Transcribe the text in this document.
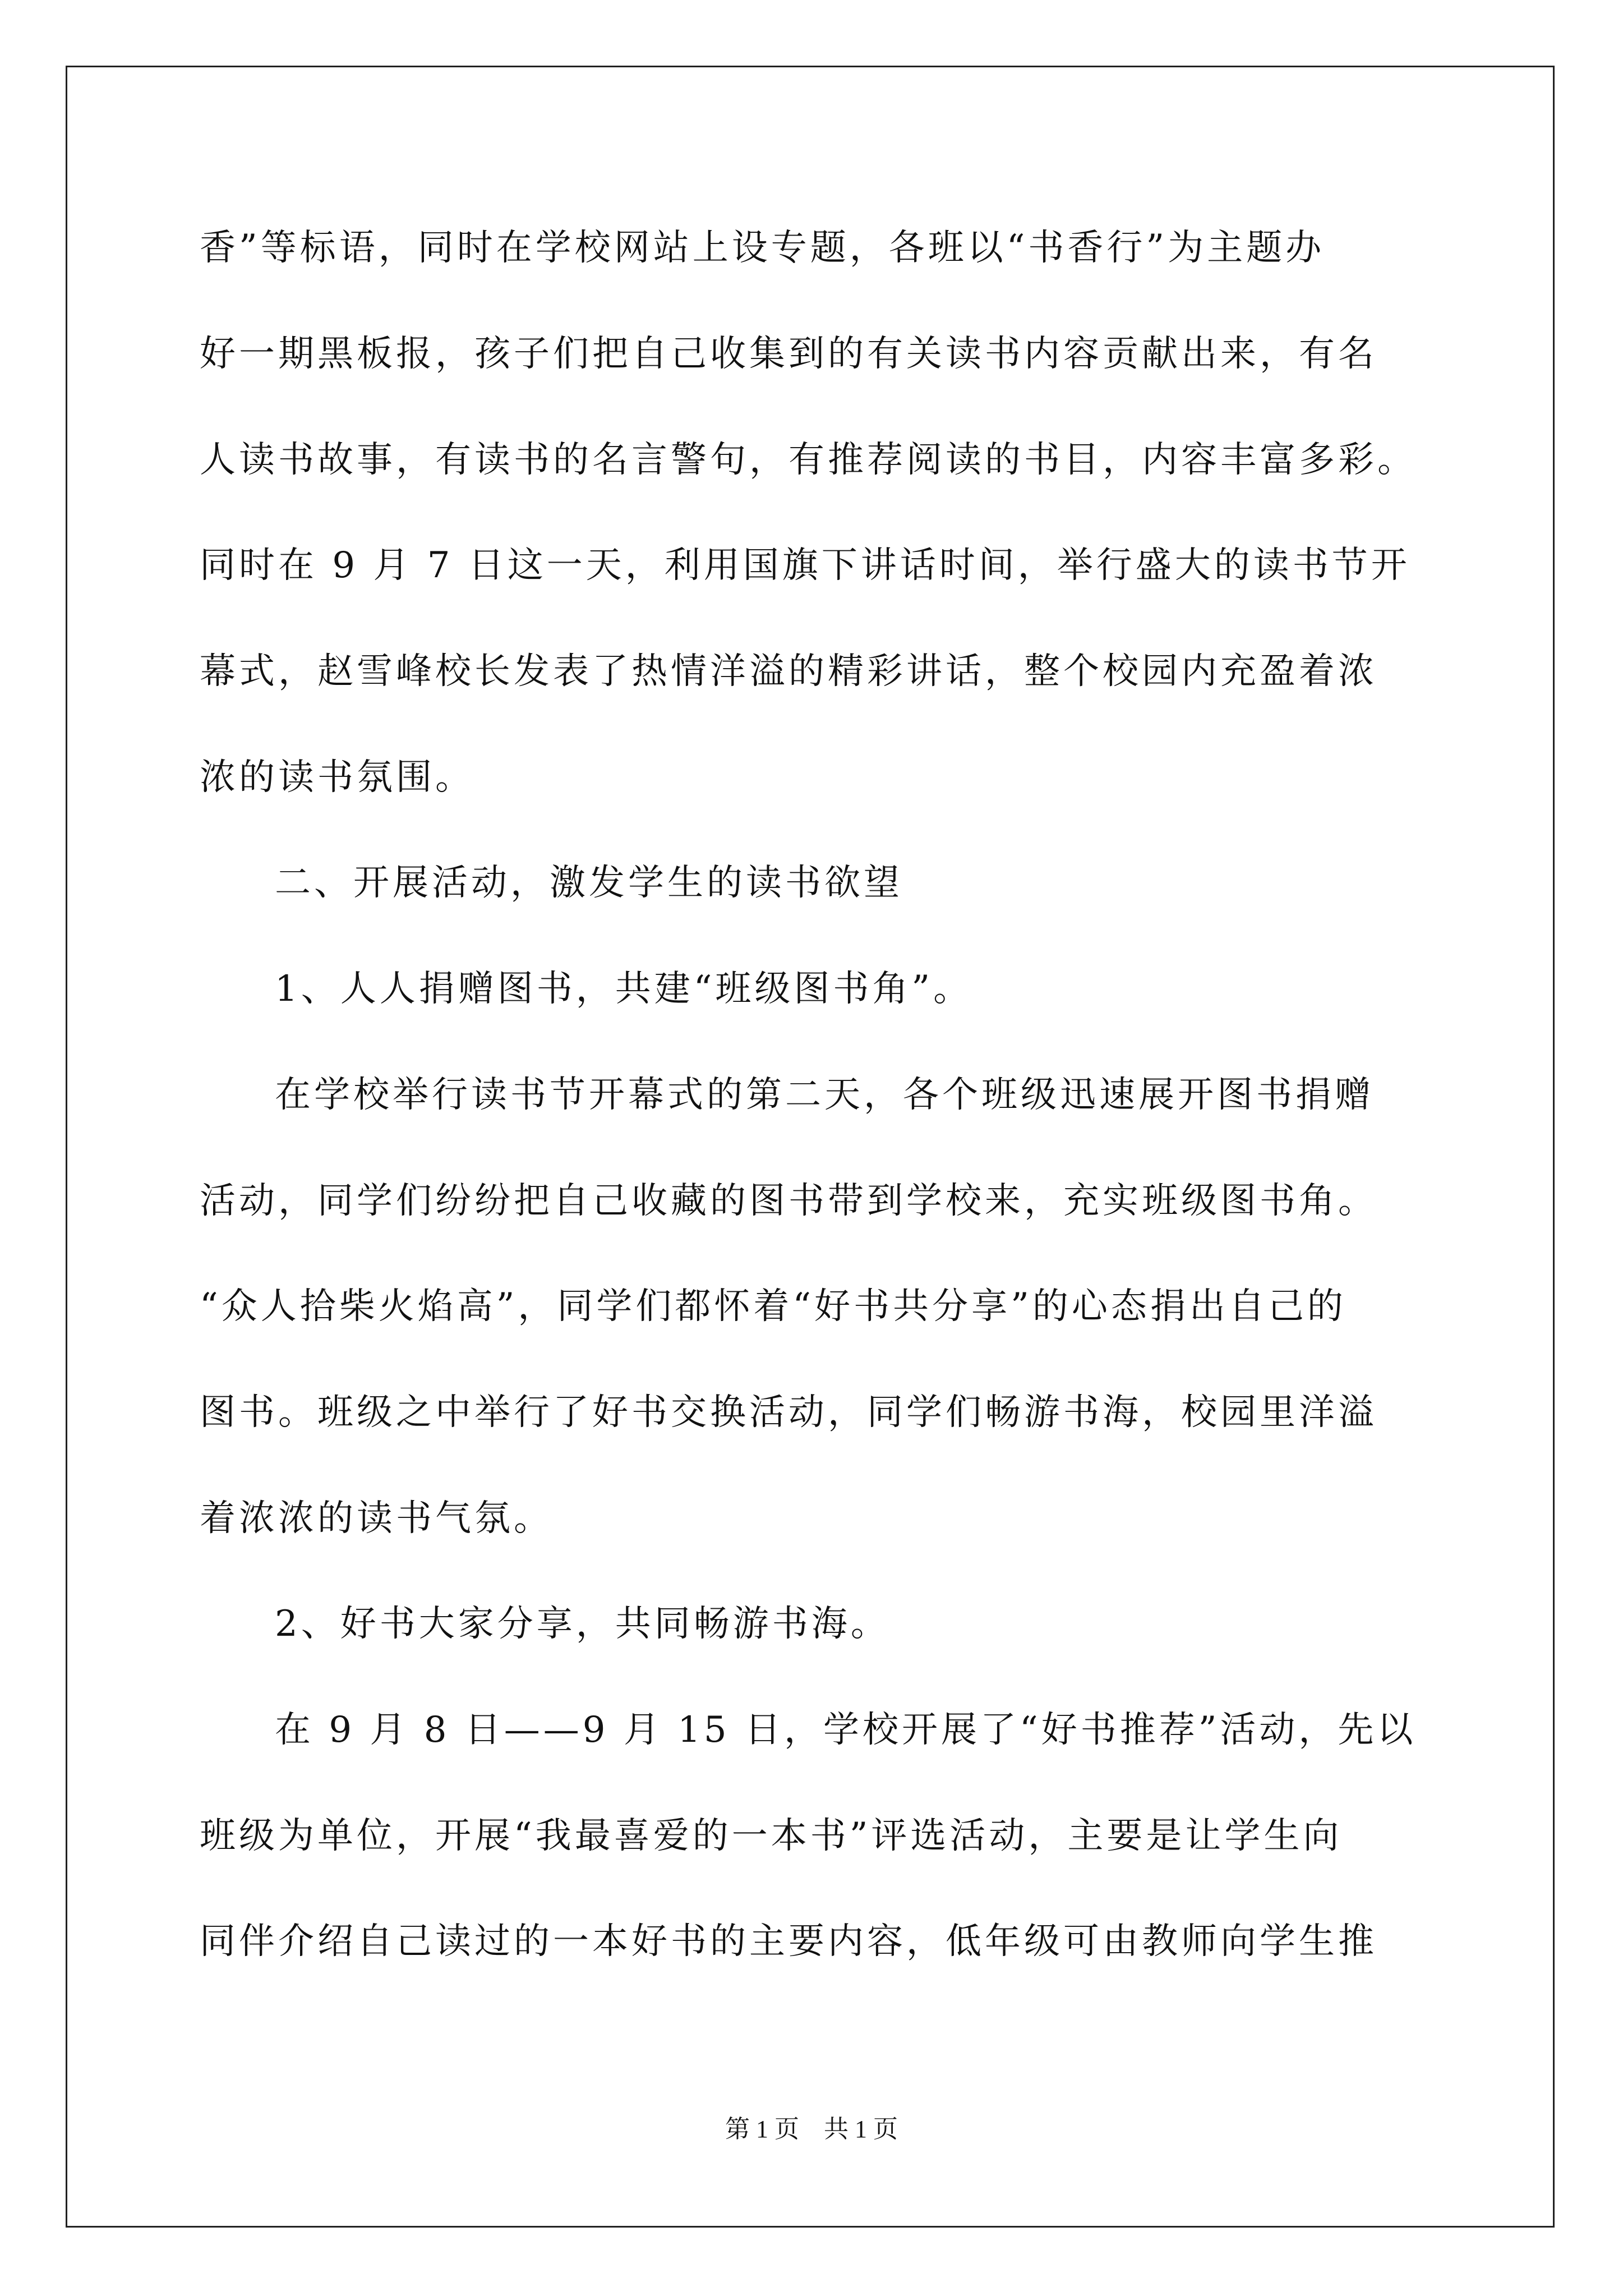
香”等标语，同时在学校网站上设专题，各班以“书香行”为主题办
好一期黑板报，孩子们把自己收集到的有关读书内容贡献出来，有名
人读书故事，有读书的名言警句，有推荐阅读的书目，内容丰富多彩。
同时在 9 月 7 日这一天，利用国旗下讲话时间，举行盛大的读书节开
幕式，赵雪峰校长发表了热情洋溢的精彩讲话，整个校园内充盈着浓
浓的读书氛围。
二、开展活动，激发学生的读书欲望
1、人人捐赠图书，共建“班级图书角”。
在学校举行读书节开幕式的第二天，各个班级迅速展开图书捐赠
活动，同学们纷纷把自己收藏的图书带到学校来，充实班级图书角。
“众人拾柴火焰高”，同学们都怀着“好书共分享”的心态捐出自己的
图书。班级之中举行了好书交换活动，同学们畅游书海，校园里洋溢
着浓浓的读书气氛。
2、好书大家分享，共同畅游书海。
在 9 月 8 日——9 月 15 日，学校开展了“好书推荐”活动，先以
班级为单位，开展“我最喜爱的一本书”评选活动，主要是让学生向
同伴介绍自己读过的一本好书的主要内容，低年级可由教师向学生推
第 1 页    共 1 页
